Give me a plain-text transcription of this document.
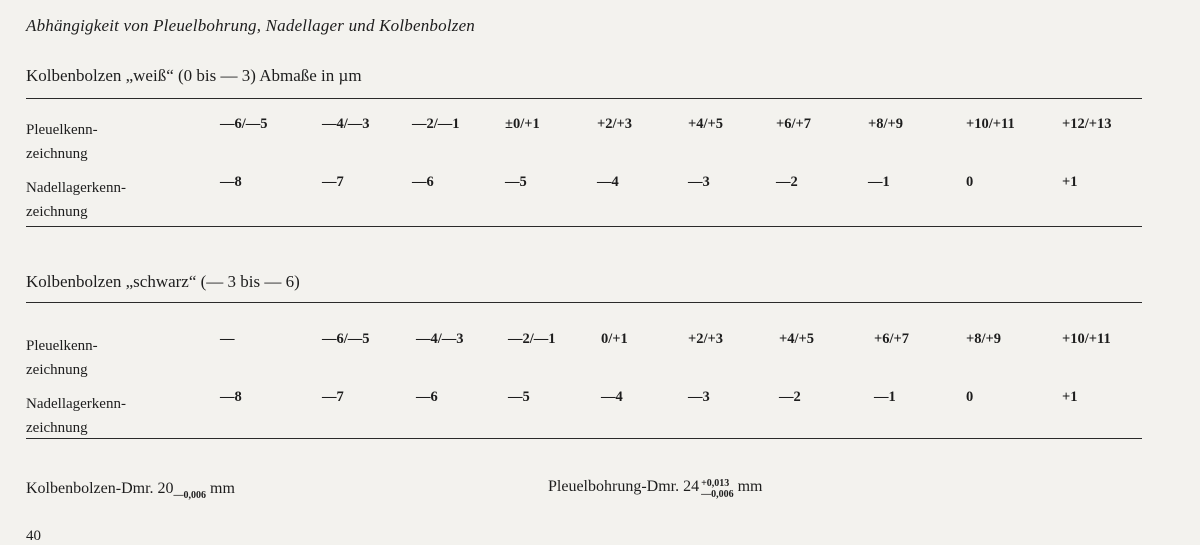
Abhängigkeit von Pleuelbohrung, Nadellager und Kolbenbolzen
Kolbenbolzen „weiß“ (0 bis — 3) Abmaße in µm
Pleuelkenn-
zeichnung
—6/—5	—4/—3	—2/—1	±0/+1	+2/+3	+4/+5	+6/+7	+8/+9	+10/+11	+12/+13
Nadellagerkenn-
zeichnung
—8	—7	—6	—5	—4	—3	—2	—1	0	+1
Kolbenbolzen „schwarz“ (— 3 bis — 6)
Pleuelkenn-
zeichnung
—	—6/—5	—4/—3	—2/—1	0/+1	+2/+3	+4/+5	+6/+7	+8/+9	+10/+11
Nadellagerkenn-
zeichnung
—8	—7	—6	—5	—4	—3	—2	—1	0	+1
Kolbenbolzen-Dmr. $20_{—0,006}$ mm	Pleuelbohrung-Dmr. 24 +0,013
—0,006 mm
40
